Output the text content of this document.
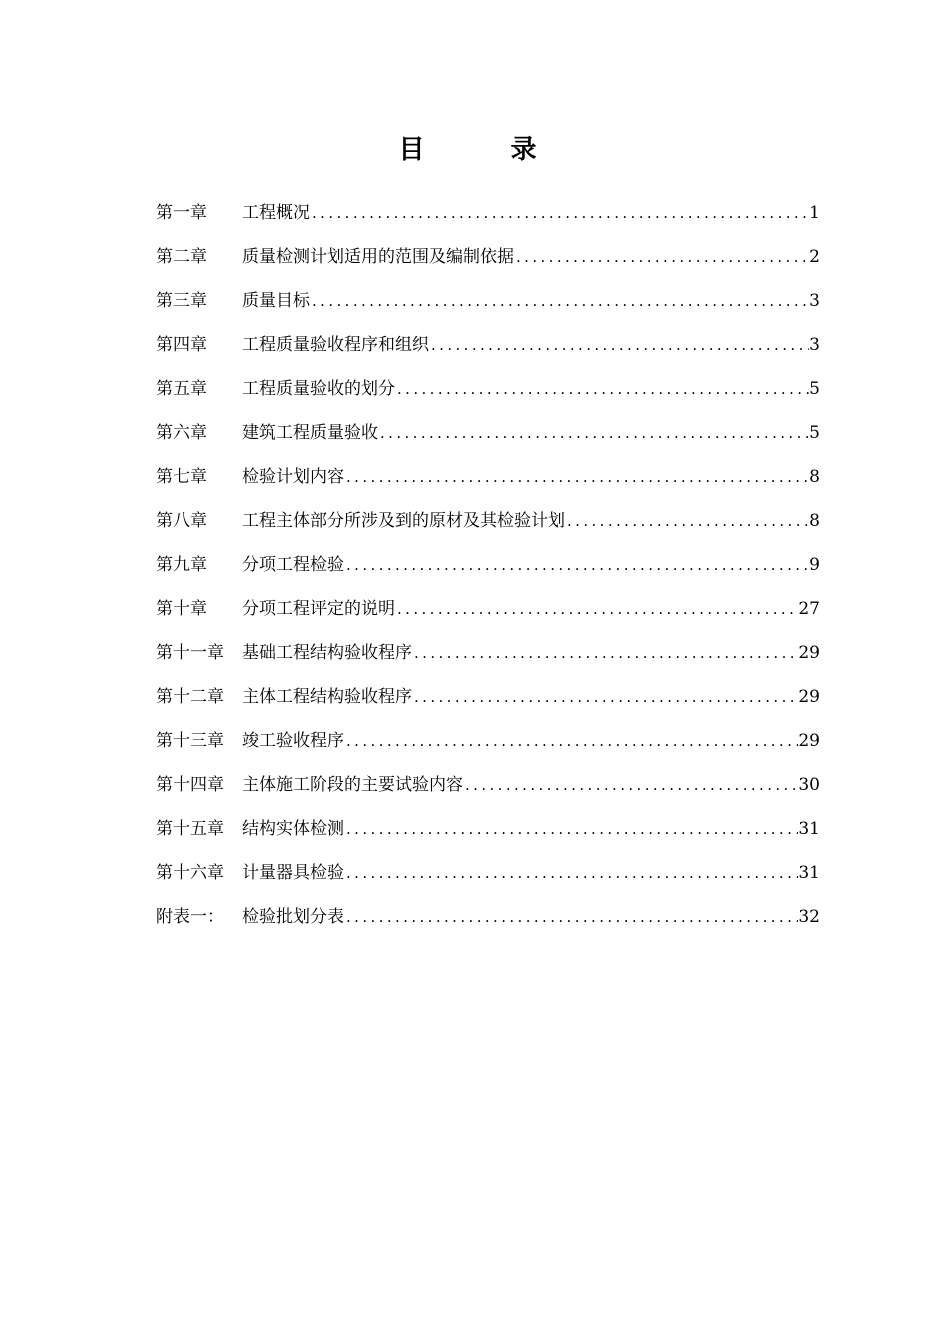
目　录
第一章	工程概况 .....	1
第二章	质量检测计划适用的范围及编制依据 .....	2
第三章	质量目标 .....	3
第四章	工程质量验收程序和组织 .....	3
第五章	工程质量验收的划分 .....	5
第六章	建筑工程质量验收 .....	5
第七章	检验计划内容 .....	8
第八章	工程主体部分所涉及到的原材及其检验计划 .....	8
第九章	分项工程检验 .....	9
第十章	分项工程评定的说明 .....	27
第十一章	基础工程结构验收程序 .....	29
第十二章	主体工程结构验收程序 .....	29
第十三章	竣工验收程序 .....	29
第十四章	主体施工阶段的主要试验内容 .....	30
第十五章	结构实体检测 .....	31
第十六章	计量器具检验 .....	31
附表一：	检验批划分表 .....	32
